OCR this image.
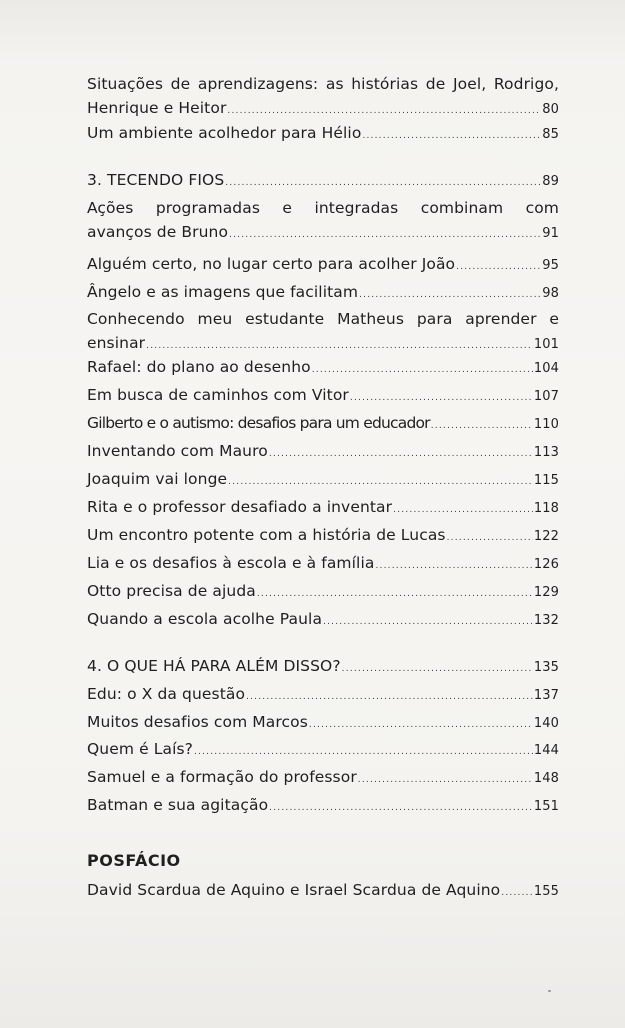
Situações de aprendizagens: as histórias de Joel, Rodrigo,
Henrique e Heitor .....	80
Um ambiente acolhedor para Hélio .....	85
3. TECENDO FIOS .....	89
Ações programadas e integradas combinam com
avanços de Bruno .....	91
Alguém certo, no lugar certo para acolher João .....	95
Ângelo e as imagens que facilitam .....	98
Conhecendo meu estudante Matheus para aprender e
ensinar .....	101
Rafael: do plano ao desenho .....	104
Em busca de caminhos com Vitor .....	107
Gilberto e o autismo: desafios para um educador .....	110
Inventando com Mauro .....	113
Joaquim vai longe .....	115
Rita e o professor desafiado a inventar .....	118
Um encontro potente com a história de Lucas .....	122
Lia e os desafios à escola e à família .....	126
Otto precisa de ajuda .....	129
Quando a escola acolhe Paula .....	132
4. O QUE HÁ PARA ALÉM DISSO? .....	135
Edu: o X da questão .....	137
Muitos desafios com Marcos .....	140
Quem é Laís? .....	144
Samuel e a formação do professor .....	148
Batman e sua agitação .....	151
POSFÁCIO
David Scardua de Aquino e Israel Scardua de Aquino .....	155
